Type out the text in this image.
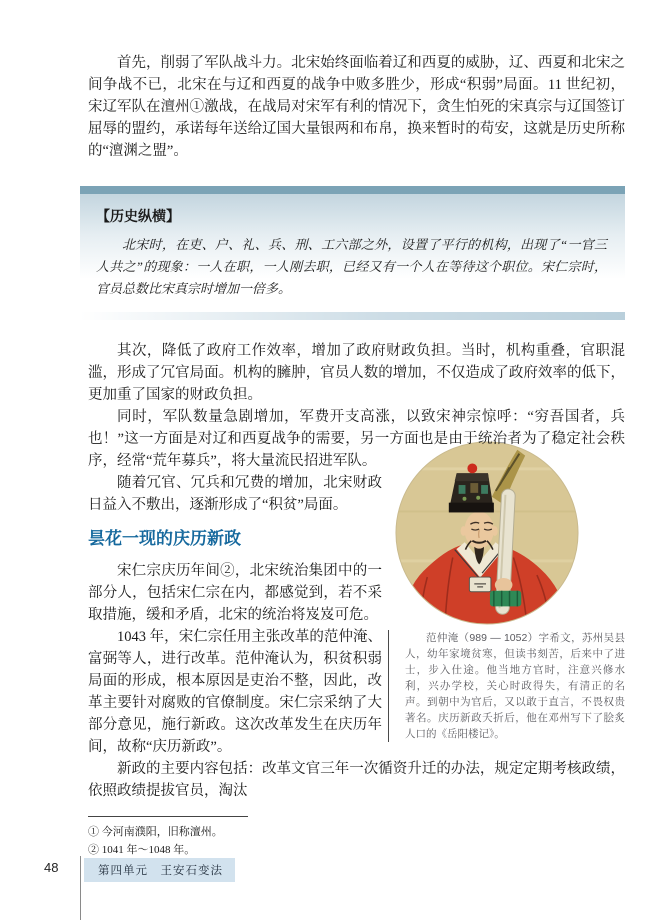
首先，削弱了军队战斗力。北宋始终面临着辽和西夏的威胁，辽、西夏和北宋之间争战不已，北宋在与辽和西夏的战争中败多胜少，形成“积弱”局面。11 世纪初，宋辽军队在澶州①激战，在战局对宋军有利的情况下，贪生怕死的宋真宗与辽国签订屈辱的盟约，承诺每年送给辽国大量银两和布帛，换来暂时的苟安，这就是历史所称的“澶渊之盟”。

【历史纵横】

北宋时，在吏、户、礼、兵、刑、工六部之外，设置了平行的机构，出现了“一官三人共之”的现象：一人在职，一人刚去职，已经又有一个人在等待这个职位。宋仁宗时，官员总数比宋真宗时增加一倍多。

其次，降低了政府工作效率，增加了政府财政负担。当时，机构重叠，官职混滥，形成了冗官局面。机构的臃肿，官员人数的增加，不仅造成了政府效率的低下，更加重了国家的财政负担。

同时，军队数量急剧增加，军费开支高涨，以致宋神宗惊呼：“穷吾国者，兵也！”这一方面是对辽和西夏战争的需要，另一方面也是由于统治者为了稳定社会秩序，经常“荒年募兵”，将大量流民招进军队。

范仲淹（989 — 1052）字希文，苏州吴县人，幼年家境贫寒，但读书刻苦，后来中了进士，步入仕途。他当地方官时，注意兴修水利，兴办学校，关心时政得失，有清正的名声。到朝中为官后，又以敢于直言，不畏权贵著名。庆历新政夭折后，他在邓州写下了脍炙人口的《岳阳楼记》。

随着冗官、冗兵和冗费的增加，北宋财政日益入不敷出，逐渐形成了“积贫”局面。

昙花一现的庆历新政

宋仁宗庆历年间②，北宋统治集团中的一部分人，包括宋仁宗在内，都感觉到，若不采取措施，缓和矛盾，北宋的统治将岌岌可危。

1043 年，宋仁宗任用主张改革的范仲淹、富弼等人，进行改革。范仲淹认为，积贫积弱局面的形成，根本原因是吏治不整，因此，改革主要针对腐败的官僚制度。宋仁宗采纳了大部分意见，施行新政。这次改革发生在庆历年间，故称“庆历新政”。

新政的主要内容包括：改革文官三年一次循资升迁的办法，规定定期考核政绩，依照政绩提拔官员，淘汰

① 今河南濮阳，旧称澶州。
② 1041 年～1048 年。
48	第四单元　王安石变法
